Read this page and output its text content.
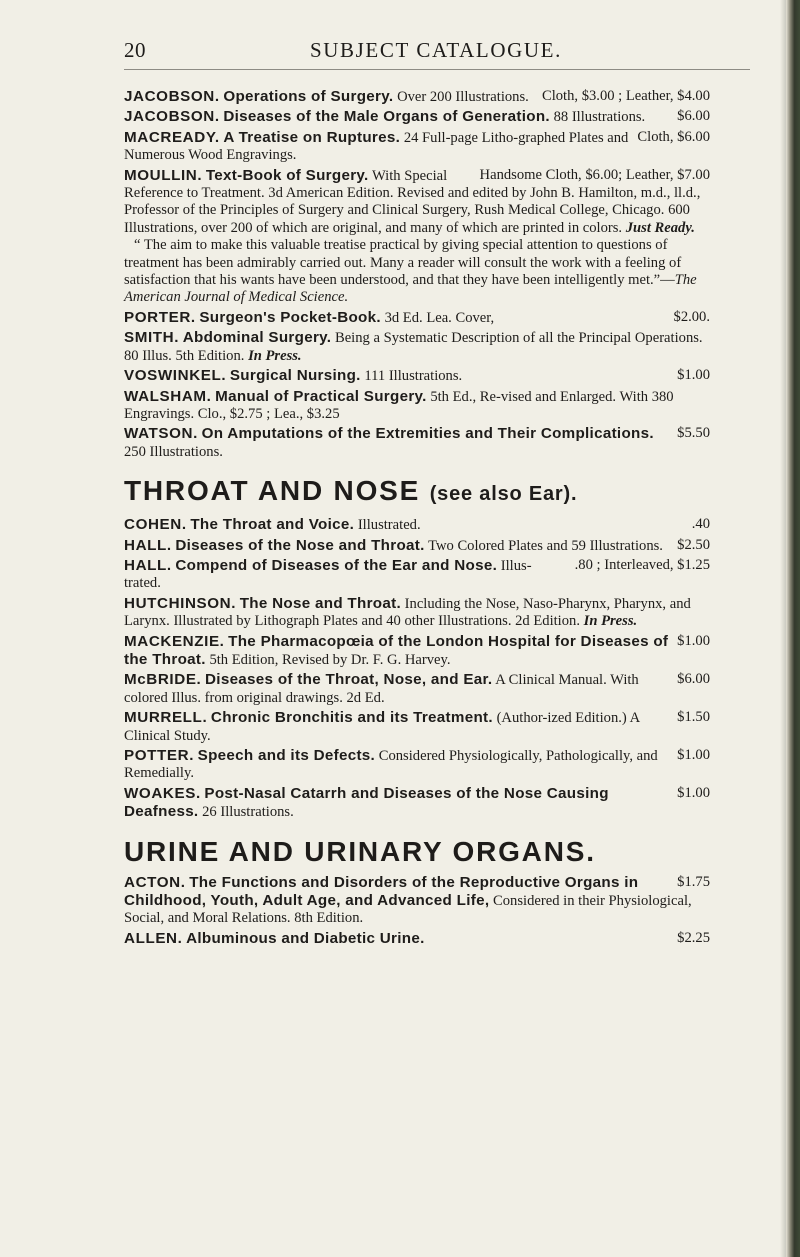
20	SUBJECT CATALOGUE.
Cloth, $3.00 ; Leather, $4.00
JACOBSON. Operations of Surgery. Over 200 Illustrations.
$6.00
JACOBSON. Diseases of the Male Organs of Generation. 88 Illustrations.
Cloth, $6.00
MACREADY. A Treatise on Ruptures. 24 Full-page Litho-graphed Plates and Numerous Wood Engravings.
Handsome Cloth, $6.00; Leather, $7.00
MOULLIN. Text-Book of Surgery. With Special Reference to Treatment. 3d American Edition. Revised and edited by John B. Hamilton, m.d., ll.d., Professor of the Principles of Surgery and Clinical Surgery, Rush Medical College, Chicago. 600 Illustrations, over 200 of which are original, and many of which are printed in colors. Just Ready.
“ The aim to make this valuable treatise practical by giving special attention to questions of treatment has been admirably carried out. Many a reader will consult the work with a feeling of satisfaction that his wants have been understood, and that they have been intelligently met.”—The American Journal of Medical Science.
$2.00.
PORTER. Surgeon's Pocket-Book. 3d Ed. Lea. Cover,
SMITH. Abdominal Surgery. Being a Systematic Description of all the Principal Operations. 80 Illus. 5th Edition. In Press.
$1.00
VOSWINKEL. Surgical Nursing. 111 Illustrations.
WALSHAM. Manual of Practical Surgery. 5th Ed., Re-vised and Enlarged. With 380 Engravings. Clo., $2.75 ; Lea., $3.25
$5.50
WATSON. On Amputations of the Extremities and Their Complications. 250 Illustrations.
THROAT AND NOSE (see also Ear).
.40
COHEN. The Throat and Voice. Illustrated.
$2.50
HALL. Diseases of the Nose and Throat. Two Colored Plates and 59 Illustrations.
.80 ; Interleaved, $1.25
HALL. Compend of Diseases of the Ear and Nose. Illus-trated.
HUTCHINSON. The Nose and Throat. Including the Nose, Naso-Pharynx, Pharynx, and Larynx. Illustrated by Lithograph Plates and 40 other Illustrations. 2d Edition. In Press.
$1.00
MACKENZIE. The Pharmacopœia of the London Hospital for Diseases of the Throat. 5th Edition, Revised by Dr. F. G. Harvey.
$6.00
McBRIDE. Diseases of the Throat, Nose, and Ear. A Clinical Manual. With colored Illus. from original drawings. 2d Ed.
$1.50
MURRELL. Chronic Bronchitis and its Treatment. (Author-ized Edition.) A Clinical Study.
$1.00
POTTER. Speech and its Defects. Considered Physiologically, Pathologically, and Remedially.
$1.00
WOAKES. Post-Nasal Catarrh and Diseases of the Nose Causing Deafness. 26 Illustrations.
URINE AND URINARY ORGANS.
$1.75
ACTON. The Functions and Disorders of the Reproductive Organs in Childhood, Youth, Adult Age, and Advanced Life, Considered in their Physiological, Social, and Moral Relations. 8th Edition.
$2.25
ALLEN. Albuminous and Diabetic Urine.
